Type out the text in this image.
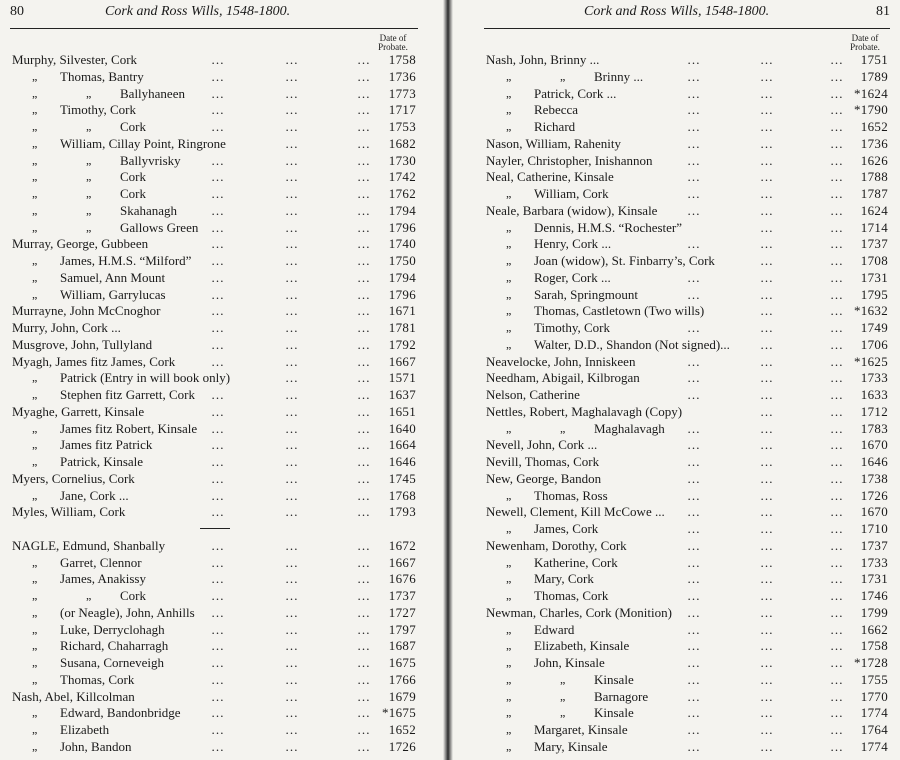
80	Cork and Ross Wills, 1548-1800.
Date of
Probate.
Murphy, Silvester, Cork	…	…	… 1758
„ Thomas, Bantry	…	…	… 1736
„	„ Ballyhaneen …	…	… 1773
„ Timothy, Cork	…	…	… 1717
„	„ Cork	…	…	… 1753
„ William, Cillay Point, Ringrone	…	… 1682
„	„ Ballyvrisky …	…	… 1730
„	„ Cork	…	…	… 1742
„	„ Cork	…	…	… 1762
„	„ Skahanagh	…	…	… 1794
„	„ Gallows Green …	…	… 1796
Murray, George, Gubbeen	…	…	… 1740
„ James, H.M.S. “Milford” …	…	… 1750
„ Samuel, Ann Mount	…	…	… 1794
„ William, Garrylucas	…	…	… 1796
Murrayne, John McCnoghor	…	…	… 1671
Murry, John, Cork ...	…	…	… 1781
Musgrove, John, Tullyland	…	…	… 1792
Myagh, James fitz James, Cork	…	…	… 1667
„ Patrick (Entry in will book only)	…	… 1571
„ Stephen fitz Garrett, Cork …	…	… 1637
Myaghe, Garrett, Kinsale	…	…	… 1651
„ James fitz Robert, Kinsale …	…	… 1640
„ James fitz Patrick	…	…	… 1664
„ Patrick, Kinsale	…	…	… 1646
Myers, Cornelius, Cork	…	…	… 1745
„ Jane, Cork ...	…	…	… 1768
Myles, William, Cork	…	…	… 1793
NAGLE, Edmund, Shanbally	…	…	… 1672
„ Garret, Clennor	…	…	… 1667
„ James, Anakissy	…	…	… 1676
„	„ Cork	…	…	… 1737
„ (or Neagle), John, Anhills …	…	… 1727
„ Luke, Derryclohagh	…	…	… 1797
„ Richard, Chaharragh	…	…	… 1687
„ Susana, Corneveigh	…	…	… 1675
„ Thomas, Cork	…	…	… 1766
Nash, Abel, Killcolman	…	…	… 1679
„ Edward, Bandonbridge …	…	… *1675
„ Elizabeth	…	…	… 1652
„ John, Bandon	…	…	… 1726
Cork and Ross Wills, 1548-1800.	81
Date of
Probate.
Nash, John, Brinny ...	…	…	… 1751
„	„ Brinny ...	…	…	… 1789
„ Patrick, Cork ...	…	…	… *1624
„ Rebecca	…	…	… *1790
„ Richard	…	…	… 1652
Nason, William, Rahenity	…	…	… 1736
Nayler, Christopher, Inishannon	…	…	… 1626
Neal, Catherine, Kinsale	…	…	… 1788
„ William, Cork	…	…	… 1787
Neale, Barbara (widow), Kinsale …	…	… 1624
„ Dennis, H.M.S. “Rochester”	…	… 1714
„ Henry, Cork ...	…	…	… 1737
„ Joan (widow), St. Finbarry’s, Cork	…	… 1708
„ Roger, Cork ...	…	…	… 1731
„ Sarah, Springmount	…	…	… 1795
„ Thomas, Castletown (Two wills)	…	… *1632
„ Timothy, Cork	…	…	… 1749
„ Walter, D.D., Shandon (Not signed)... …	… 1706
Neavelocke, John, Inniskeen	…	…	… *1625
Needham, Abigail, Kilbrogan	…	…	… 1733
Nelson, Catherine	…	…	… 1633
Nettles, Robert, Maghalavagh (Copy)	…	… 1712
„	„ Maghalavagh …	…	… 1783
Nevell, John, Cork ...	…	…	… 1670
Nevill, Thomas, Cork	…	…	… 1646
New, George, Bandon	…	…	… 1738
„ Thomas, Ross	…	…	… 1726
Newell, Clement, Kill McCowe ... …	…	… 1670
„ James, Cork	…	…	… 1710
Newenham, Dorothy, Cork	…	…	… 1737
„ Katherine, Cork	…	…	… 1733
„ Mary, Cork	…	…	… 1731
„ Thomas, Cork	…	…	… 1746
Newman, Charles, Cork (Monition) …	…	… 1799
„ Edward	…	…	… 1662
„ Elizabeth, Kinsale	…	…	… 1758
„ John, Kinsale	…	…	… *1728
„	„ Kinsale	…	…	… 1755
„	„ Barnagore	…	…	… 1770
„	„ Kinsale	…	…	… 1774
„ Margaret, Kinsale	…	…	… 1764
„ Mary, Kinsale	…	…	… 1774
